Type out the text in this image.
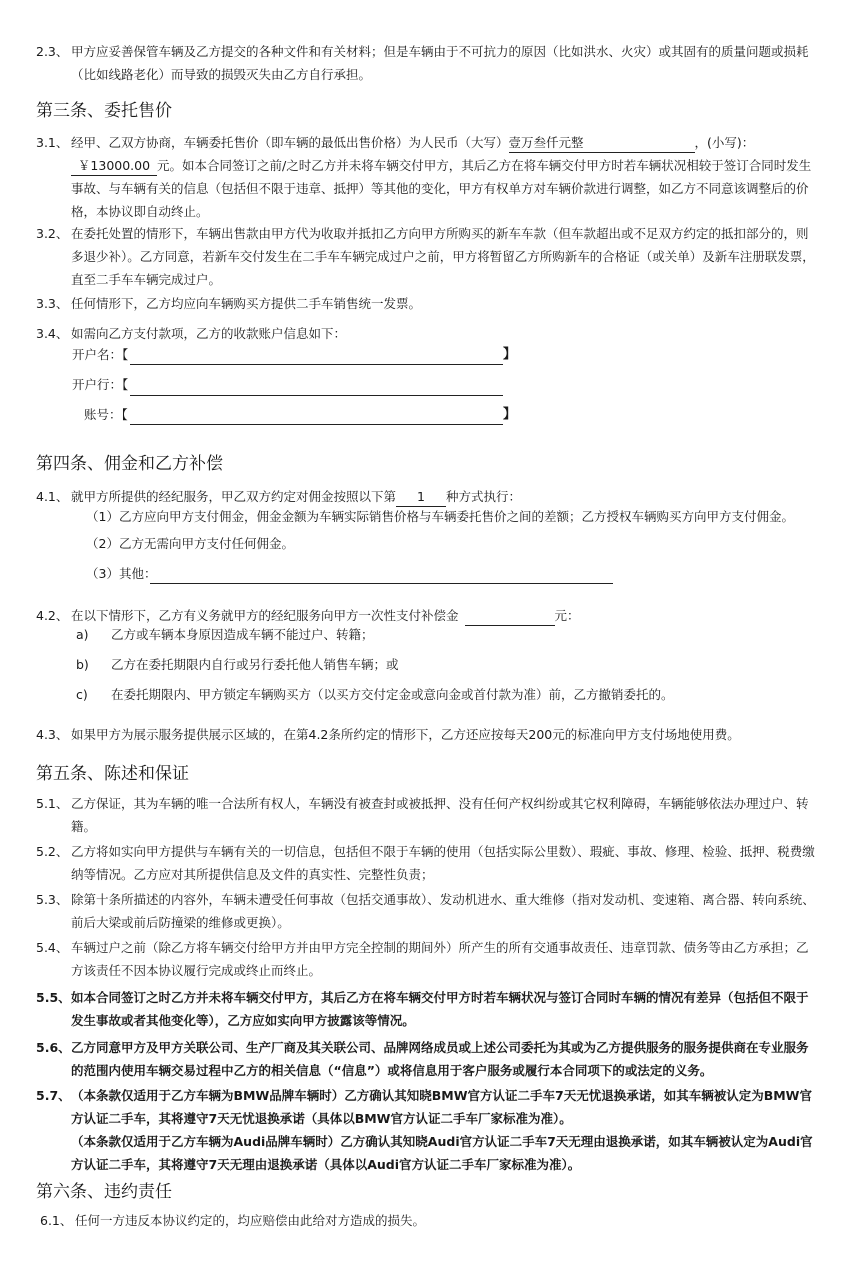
2.3、 甲方应妥善保管车辆及乙方提交的各种文件和有关材料；但是车辆由于不可抗力的原因（比如洪水、火灾）或其固有的质量问题或损耗（比如线路老化）而导致的损毁灭失由乙方自行承担。
第三条、委托售价
3.1、 经甲、乙双方协商，车辆委托售价（即车辆的最低出售价格）为人民币（大写）壹万叁仟元整	，(小写)：￥13000.00 元。如本合同签订之前/之时乙方并未将车辆交付甲方，其后乙方在将车辆交付甲方时若车辆状况相较于签订合同时发生事故、与车辆有关的信息（包括但不限于违章、抵押）等其他的变化，甲方有权单方对车辆价款进行调整，如乙方不同意该调整后的价格，本协议即自动终止。
3.2、 在委托处置的情形下，车辆出售款由甲方代为收取并抵扣乙方向甲方所购买的新车车款（但车款超出或不足双方约定的抵扣部分的，则多退少补）。乙方同意，若新车交付发生在二手车车辆完成过户之前，甲方将暂留乙方所购新车的合格证（或关单）及新车注册联发票，直至二手车车辆完成过户。
3.3、 任何情形下，乙方均应向车辆购买方提供二手车销售统一发票。
3.4、 如需向乙方支付款项，乙方的收款账户信息如下：
开户名：【	】
开户行：【
账号：【	】
第四条、佣金和乙方补偿
4.1、 就甲方所提供的经纪服务，甲乙双方约定对佣金按照以下第 1 种方式执行：
（1）乙方应向甲方支付佣金，佣金金额为车辆实际销售价格与车辆委托售价之间的差额；乙方授权车辆购买方向甲方支付佣金。
（2）乙方无需向甲方支付任何佣金。
（3）其他：
4.2、 在以下情形下，乙方有义务就甲方的经纪服务向甲方一次性支付补偿金	元：
a) 乙方或车辆本身原因造成车辆不能过户、转籍；
b) 乙方在委托期限内自行或另行委托他人销售车辆；或
c) 在委托期限内、甲方锁定车辆购买方（以买方交付定金或意向金或首付款为准）前，乙方撤销委托的。
4.3、 如果甲方为展示服务提供展示区域的，在第4.2条所约定的情形下，乙方还应按每天200元的标准向甲方支付场地使用费。
第五条、陈述和保证
5.1、 乙方保证，其为车辆的唯一合法所有权人，车辆没有被查封或被抵押、没有任何产权纠纷或其它权利障碍，车辆能够依法办理过户、转籍。
5.2、 乙方将如实向甲方提供与车辆有关的一切信息，包括但不限于车辆的使用（包括实际公里数）、瑕疵、事故、修理、检验、抵押、税费缴纳等情况。乙方应对其所提供信息及文件的真实性、完整性负责；
5.3、 除第十条所描述的内容外，车辆未遭受任何事故（包括交通事故）、发动机进水、重大维修（指对发动机、变速箱、离合器、转向系统、前后大梁或前后防撞梁的维修或更换）。
5.4、 车辆过户之前（除乙方将车辆交付给甲方并由甲方完全控制的期间外）所产生的所有交通事故责任、违章罚款、债务等由乙方承担；乙方该责任不因本协议履行完成或终止而终止。
5.5、 如本合同签订之时乙方并未将车辆交付甲方，其后乙方在将车辆交付甲方时若车辆状况与签订合同时车辆的情况有差异（包括但不限于发生事故或者其他变化等），乙方应如实向甲方披露该等情况。
5.6、 乙方同意甲方及甲方关联公司、生产厂商及其关联公司、品牌网络成员或上述公司委托为其或为乙方提供服务的服务提供商在专业服务的范围内使用车辆交易过程中乙方的相关信息（“信息”）或将信息用于客户服务或履行本合同项下的或法定的义务。
5.7、 （本条款仅适用于乙方车辆为BMW品牌车辆时）乙方确认其知晓BMW官方认证二手车7天无忧退换承诺，如其车辆被认定为BMW官方认证二手车，其将遵守7天无忧退换承诺（具体以BMW官方认证二手车厂家标准为准）。
（本条款仅适用于乙方车辆为Audi品牌车辆时）乙方确认其知晓Audi官方认证二手车7天无理由退换承诺，如其车辆被认定为Audi官方认证二手车，其将遵守7天无理由退换承诺（具体以Audi官方认证二手车厂家标准为准）。
第六条、违约责任
6.1、 任何一方违反本协议约定的，均应赔偿由此给对方造成的损失。
